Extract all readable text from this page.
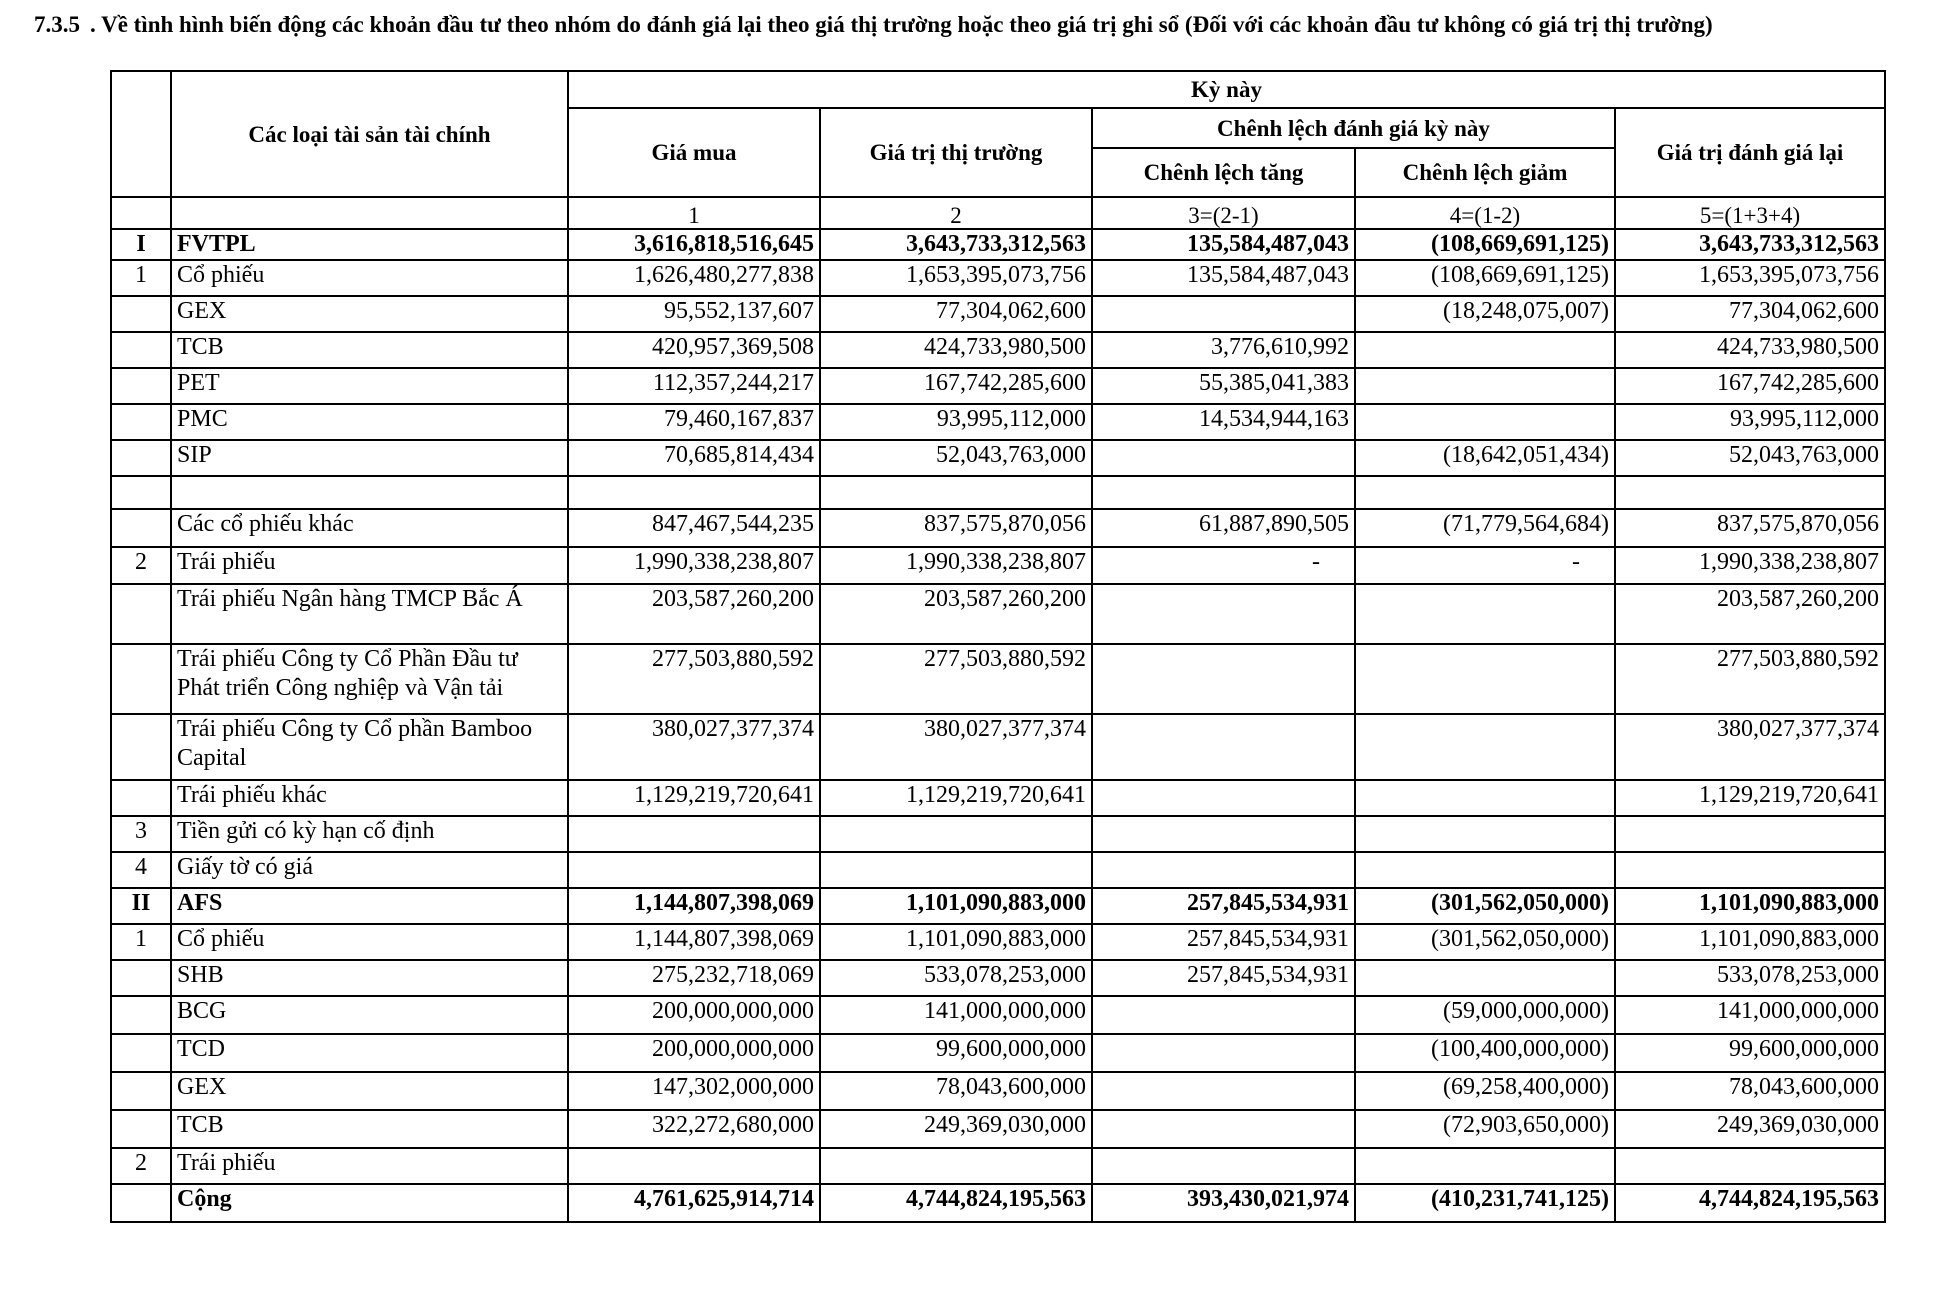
7.3.5 . Về tình hình biến động các khoản đầu tư theo nhóm do đánh giá lại theo giá thị trường hoặc theo giá trị ghi sổ (Đối với các khoản đầu tư không có giá trị thị trường)
	Các loại tài sản tài chính	Kỳ này				
		Giá mua	Giá trị thị trường	Chênh lệch đánh giá kỳ này		Giá trị đánh giá lại
				Chênh lệch tăng	Chênh lệch giảm	
		1	2	3=(2-1)	4=(1-2)	5=(1+3+4)
I	FVTPL	3,616,818,516,645	3,643,733,312,563	135,584,487,043	(108,669,691,125)	3,643,733,312,563
1	Cổ phiếu	1,626,480,277,838	1,653,395,073,756	135,584,487,043	(108,669,691,125)	1,653,395,073,756
	GEX	95,552,137,607	77,304,062,600		(18,248,075,007)	77,304,062,600
	TCB	420,957,369,508	424,733,980,500	3,776,610,992		424,733,980,500
	PET	112,357,244,217	167,742,285,600	55,385,041,383		167,742,285,600
	PMC	79,460,167,837	93,995,112,000	14,534,944,163		93,995,112,000
	SIP	70,685,814,434	52,043,763,000		(18,642,051,434)	52,043,763,000

	Các cổ phiếu khác	847,467,544,235	837,575,870,056	61,887,890,505	(71,779,564,684)	837,575,870,056
2	Trái phiếu	1,990,338,238,807	1,990,338,238,807	-	-	1,990,338,238,807
	Trái phiếu Ngân hàng TMCP Bắc Á	203,587,260,200	203,587,260,200			203,587,260,200
	Trái phiếu Công ty Cổ Phần Đầu tư Phát triển Công nghiệp và Vận tải	277,503,880,592	277,503,880,592			277,503,880,592
	Trái phiếu Công ty Cổ phần Bamboo Capital	380,027,377,374	380,027,377,374			380,027,377,374
	Trái phiếu khác	1,129,219,720,641	1,129,219,720,641			1,129,219,720,641
3	Tiền gửi có kỳ hạn cố định					
4	Giấy tờ có giá					
II	AFS	1,144,807,398,069	1,101,090,883,000	257,845,534,931	(301,562,050,000)	1,101,090,883,000
1	Cổ phiếu	1,144,807,398,069	1,101,090,883,000	257,845,534,931	(301,562,050,000)	1,101,090,883,000
	SHB	275,232,718,069	533,078,253,000	257,845,534,931		533,078,253,000
	BCG	200,000,000,000	141,000,000,000		(59,000,000,000)	141,000,000,000
	TCD	200,000,000,000	99,600,000,000		(100,400,000,000)	99,600,000,000
	GEX	147,302,000,000	78,043,600,000		(69,258,400,000)	78,043,600,000
	TCB	322,272,680,000	249,369,030,000		(72,903,650,000)	249,369,030,000
2	Trái phiếu					
	Cộng	4,761,625,914,714	4,744,824,195,563	393,430,021,974	(410,231,741,125)	4,744,824,195,563
